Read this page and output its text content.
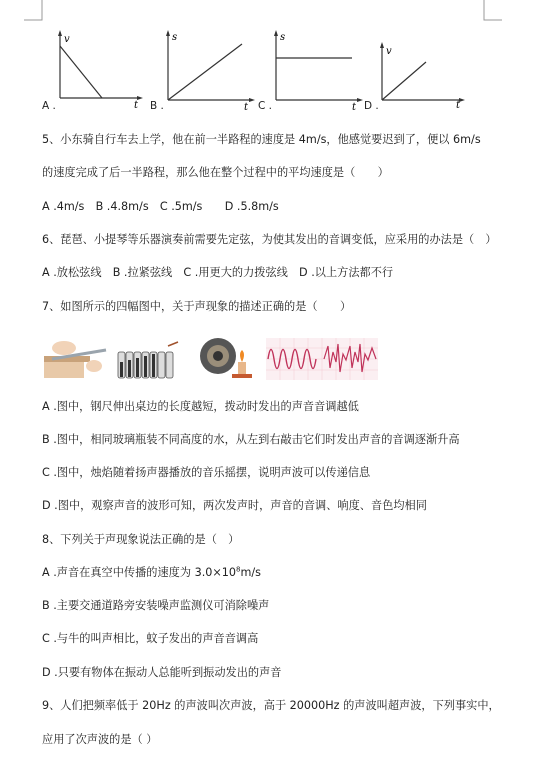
v
t
A .
s
t
B .
s
t
C .
v
t
D .
5、小东骑自行车去上学，他在前一半路程的速度是 4m/s，他感觉要迟到了，便以 6m/s
的速度完成了后一半路程，那么他在整个过程中的平均速度是（　　）
A .4m/s　B .4.8m/s　C .5m/s　　D .5.8m/s
6、琵琶、小提琴等乐器演奏前需要先定弦，为使其发出的音调变低，应采用的办法是（　）
A .放松弦线　B .拉紧弦线　C .用更大的力拨弦线　D .以上方法都不行
7、如图所示的四幅图中，关于声现象的描述正确的是（　　）
A .图中，钢尺伸出桌边的长度越短，拨动时发出的声音音调越低
B .图中，相同玻璃瓶装不同高度的水，从左到右敲击它们时发出声音的音调逐渐升高
C .图中，烛焰随着扬声器播放的音乐摇摆，说明声波可以传递信息
D .图中，观察声音的波形可知，两次发声时，声音的音调、响度、音色均相同
8、下列关于声现象说法正确的是（　）
A .声音在真空中传播的速度为 $3.0\times 10^8m/s$
B .主要交通道路旁安装噪声监测仪可消除噪声
C .与牛的叫声相比，蚊子发出的声音音调高
D .只要有物体在振动人总能听到振动发出的声音
9、人们把频率低于 20Hz 的声波叫次声波，高于 20000Hz 的声波叫超声波，下列事实中，
应用了次声波的是（ ）
